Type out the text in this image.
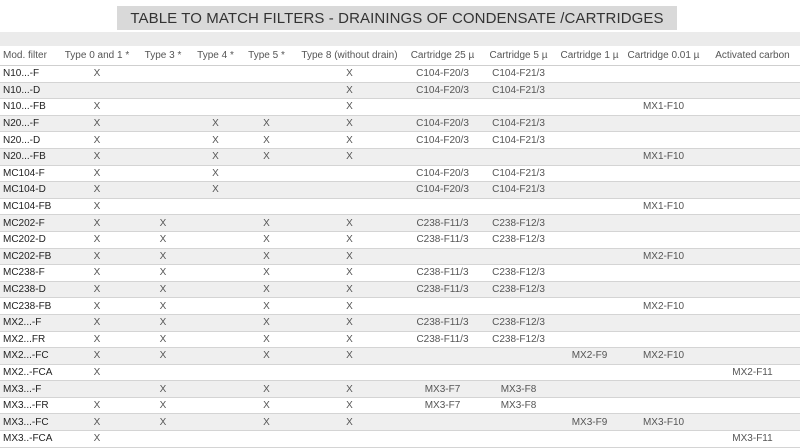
TABLE TO MATCH FILTERS - DRAININGS OF CONDENSATE /CARTRIDGES
Mod. filter	Type 0 and 1 *	Type 3 *	Type 4 *	Type 5 *	Type 8 (without drain)	Cartridge 25 µ	Cartridge 5 µ	Cartridge 1 µ	Cartridge 0.01 µ	Activated carbon
N10...-F	X				X	C104-F20/3	C104-F21/3			
N10...-D					X	C104-F20/3	C104-F21/3			
N10...-FB	X				X				MX1-F10	
N20...-F	X		X	X	X	C104-F20/3	C104-F21/3			
N20...-D	X		X	X	X	C104-F20/3	C104-F21/3			
N20...-FB	X		X	X	X				MX1-F10	
MC104-F	X		X			C104-F20/3	C104-F21/3			
MC104-D	X		X			C104-F20/3	C104-F21/3			
MC104-FB	X								MX1-F10	
MC202-F	X	X		X	X	C238-F11/3	C238-F12/3			
MC202-D	X	X		X	X	C238-F11/3	C238-F12/3			
MC202-FB	X	X		X	X				MX2-F10	
MC238-F	X	X		X	X	C238-F11/3	C238-F12/3			
MC238-D	X	X		X	X	C238-F11/3	C238-F12/3			
MC238-FB	X	X		X	X				MX2-F10	
MX2...-F	X	X		X	X	C238-F11/3	C238-F12/3			
MX2...FR	X	X		X	X	C238-F11/3	C238-F12/3			
MX2...-FC	X	X		X	X			MX2-F9	MX2-F10	
MX2..-FCA	X									MX2-F11
MX3...-F		X		X	X	MX3-F7	MX3-F8			
MX3...-FR	X	X		X	X	MX3-F7	MX3-F8			
MX3...-FC	X	X		X	X			MX3-F9	MX3-F10	
MX3..-FCA	X									MX3-F11
